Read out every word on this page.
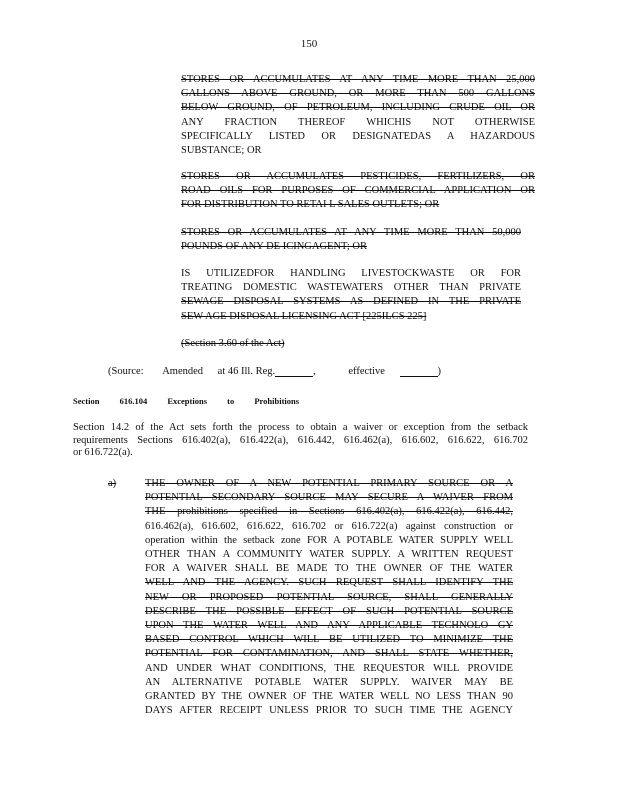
150
STORES OR ACCUMULATES AT ANY TIME MORE THAN 25,000
GALLONS ABOVE GROUND, OR MORE THAN 500 GALLONS
BELOW GROUND, OF PETROLEUM, INCLUDING CRUDE OIL OR
ANY FRACTION THEREOF WHICHIS NOT OTHERWISE
SPECIFICALLY LISTED OR DESIGNATEDAS A HAZARDOUS
SUBSTANCE; OR
STORES OR ACCUMULATES PESTICIDES, FERTILIZERS, OR
ROAD OILS FOR PURPOSES OF COMMERCIAL APPLICATION OR
FOR DISTRIBUTION TO RETAI L SALES OUTLETS; OR
STORES OR ACCUMULATES AT ANY TIME MORE THAN 50,000
POUNDS OF ANY DE ICINGAGENT; OR
IS UTILIZEDFOR HANDLING LIVESTOCKWASTE OR FOR
TREATING DOMESTIC WASTEWATERS OTHER THAN PRIVATE
SEWAGE DISPOSAL SYSTEMS AS DEFINED IN THE PRIVATE
SEW AGE DISPOSAL LICENSING ACT [225ILCS 225]
(Section 3.60 of the Act)
(Source: Amended at 46 Ill. Reg.	,	effective	)
Section 616.104 Exceptions to Prohibitions
Section 14.2 of the Act sets forth the process to obtain a waiver or exception from the setback
requirements Sections 616.402(a), 616.422(a), 616.442, 616.462(a), 616.602, 616.622, 616.702
or 616.722(a).
a)	THE OWNER OF A NEW POTENTIAL PRIMARY SOURCE OR A
POTENTIAL SECONDARY SOURCE MAY SECURE A WAIVER FROM
THE prohibitions specified in Sections 616.402(a), 616.422(a), 616.442,
616.462(a), 616.602, 616.622, 616.702 or 616.722(a) against construction or
operation within the setback zone FOR A POTABLE WATER SUPPLY WELL
OTHER THAN A COMMUNITY WATER SUPPLY. A WRITTEN REQUEST
FOR A WAIVER SHALL BE MADE TO THE OWNER OF THE WATER
WELL AND THE AGENCY. SUCH REQUEST SHALL IDENTIFY THE
NEW OR PROPOSED POTENTIAL SOURCE, SHALL GENERALLY
DESCRIBE THE POSSIBLE EFFECT OF SUCH POTENTIAL SOURCE
UPON THE WATER WELL AND ANY APPLICABLE TECHNOLO GY
BASED CONTROL WHICH WILL BE UTILIZED TO MINIMIZE THE
POTENTIAL FOR CONTAMINATION, AND SHALL STATE WHETHER,
AND UNDER WHAT CONDITIONS, THE REQUESTOR WILL PROVIDE
AN ALTERNATIVE POTABLE WATER SUPPLY. WAIVER MAY BE
GRANTED BY THE OWNER OF THE WATER WELL NO LESS THAN 90
DAYS AFTER RECEIPT UNLESS PRIOR TO SUCH TIME THE AGENCY
